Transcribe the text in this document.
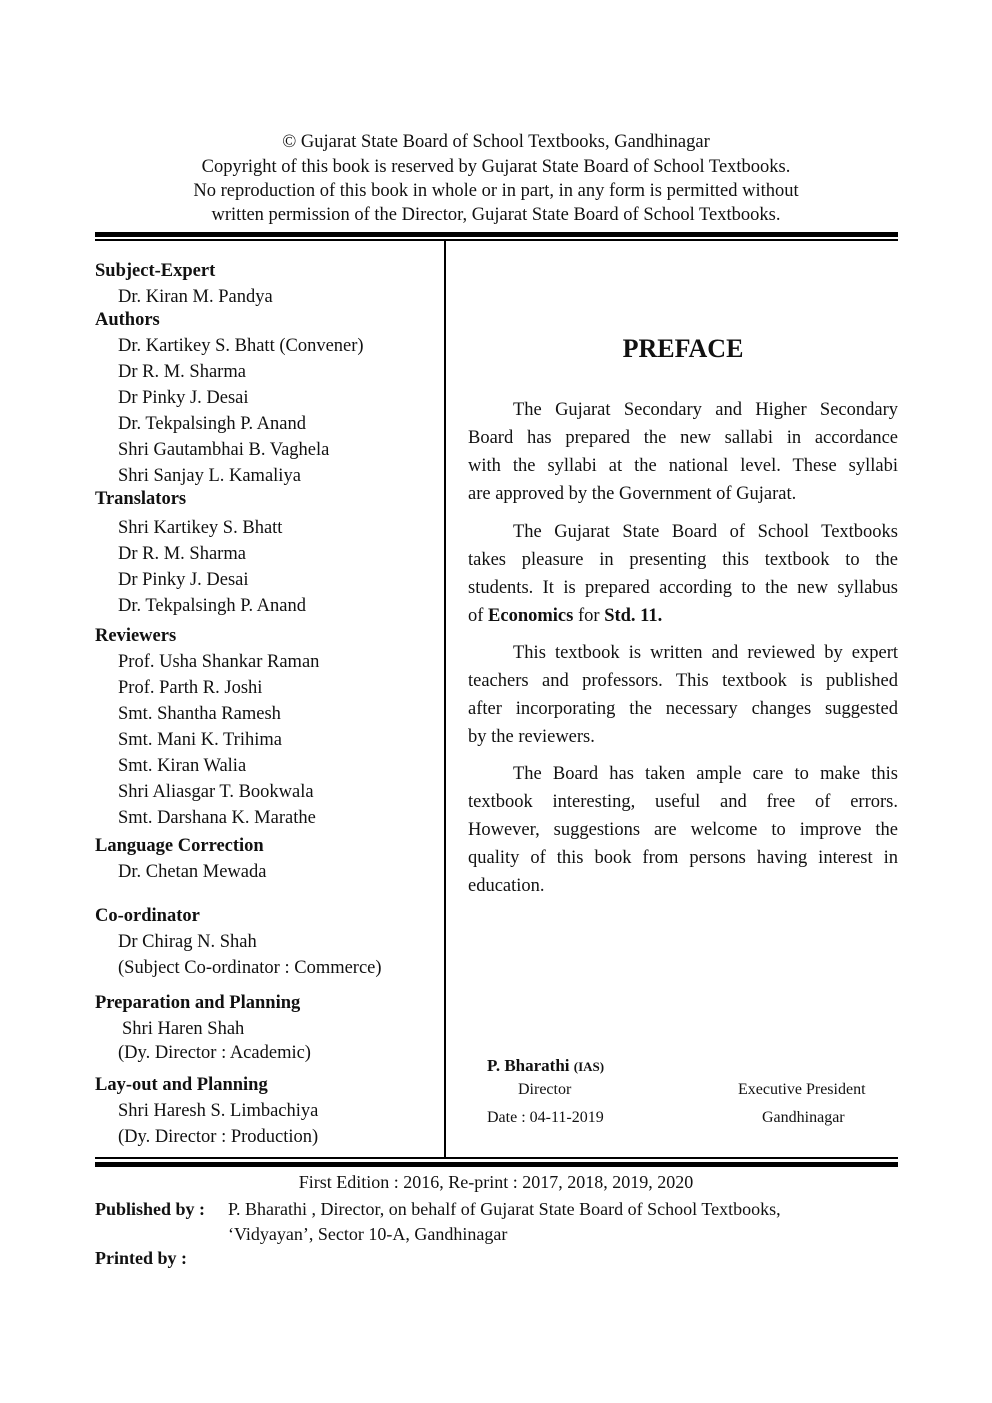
© Gujarat State Board of School Textbooks, Gandhinagar
Copyright of this book is reserved by Gujarat State Board of School Textbooks.
No reproduction of this book in whole or in part, in any form is permitted without
written permission of the Director, Gujarat State Board of School Textbooks.
Subject-Expert
Dr. Kiran M. Pandya
Authors
Dr. Kartikey S. Bhatt (Convener)
Dr R. M. Sharma
Dr Pinky J. Desai
Dr. Tekpalsingh P. Anand
Shri Gautambhai B. Vaghela
Shri Sanjay L. Kamaliya
Translators
Shri Kartikey S. Bhatt
Dr R. M. Sharma
Dr Pinky J. Desai
Dr. Tekpalsingh P. Anand
Reviewers
Prof. Usha Shankar Raman
Prof. Parth R. Joshi
Smt. Shantha Ramesh
Smt. Mani K. Trihima
Smt. Kiran Walia
Shri Aliasgar T. Bookwala
Smt. Darshana K. Marathe
Language Correction
Dr. Chetan Mewada
Co-ordinator
Dr Chirag N. Shah
(Subject Co-ordinator : Commerce)
Preparation and Planning
Shri Haren Shah
(Dy. Director : Academic)
Lay-out and Planning
Shri Haresh S. Limbachiya
(Dy. Director : Production)
PREFACE
The Gujarat Secondary and Higher Secondary
Board has prepared the new sallabi in accordance
with the syllabi at the national level. These syllabi
are approved by the Government of Gujarat.
The Gujarat State Board of School Textbooks
takes pleasure in presenting this textbook to the
students. It is prepared according to the new syllabus
of Economics for Std. 11.
This textbook is written and reviewed by expert
teachers and professors. This textbook is published
after incorporating the necessary changes suggested
by the reviewers.
The Board has taken ample care to make this
textbook interesting, useful and free of errors.
However, suggestions are welcome to improve the
quality of this book from persons having interest in
education.
P. Bharathi (IAS)
Director
Date : 04-11-2019
Executive President
Gandhinagar
First Edition : 2016, Re-print : 2017, 2018, 2019, 2020
Published by : P. Bharathi , Director, on behalf of Gujarat State Board of School Textbooks,
‘Vidyayan’, Sector 10-A, Gandhinagar
Printed by :
